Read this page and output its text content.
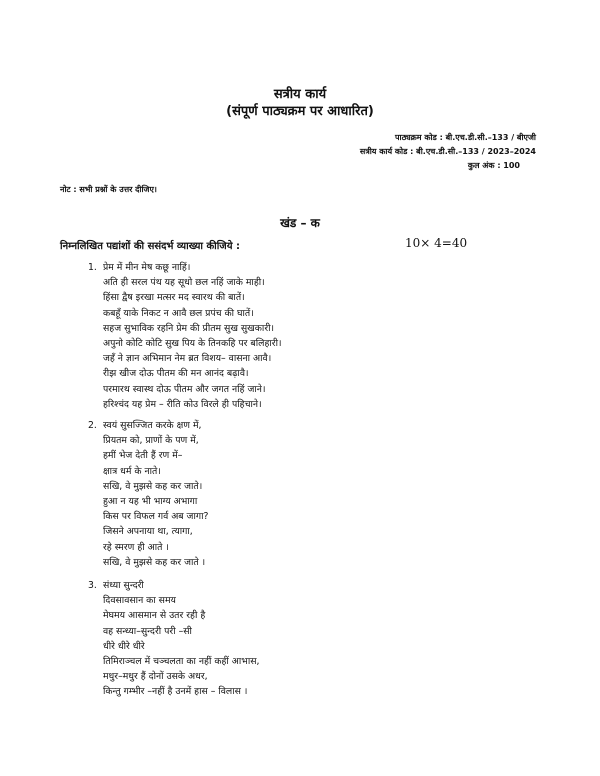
सत्रीय कार्य
(संपूर्ण पाठ्यक्रम पर आधारित)
पाठ्यक्रम कोड : बी.एच.डी.सी.–133 / बीएजी
सत्रीय कार्य कोड : बी.एच.डी.सी.–133 / 2023–2024
कुल अंक : 100
नोट : सभी प्रश्नों के उत्तर दीजिए।
खंड – क
निम्नलिखित पद्यांशों की ससंदर्भ व्याख्या कीजिये :	10× 4=40
1. प्रेम में मीन मेष कछू नाहिं।
अति ही सरल पंथ यह सूधो छल नहिं जाके माही।
हिंसा द्वैष इरखा मत्सर मद स्वारथ की बातें।
कबहूँ याके निकट न आवै छल प्रपंच की घातें।
सहज सुभाविक रहनि प्रेम की प्रीतम सुख सुखकारी।
अपुनो कोटि कोटि सुख पिय के तिनकहि पर बलिहारी।
जहँ ने ज्ञान अभिमान नेम ब्रत विशय– वासना आवै।
रीझ खीज दोऊ पीतम की मन आनंद बढ़ावै।
परमारथ स्वास्थ दोऊ पीतम और जगत नहिं जाने।
हरिश्चंद यह प्रेम – रीति कोउ विरले ही पहिचाने।
2. स्वयं सुसज्जित करके क्षण में,
प्रियतम को, प्राणों के पण में,
हमीं भेज देती हैं रण में–
क्षात्र धर्म के नाते।
सखि, वे मुझसे कह कर जाते।
हुआ न यह भी भाग्य अभागा
किस पर विफल गर्व अब जागा?
जिसने अपनाया था, त्यागा,
रहे स्मरण ही आते ।
सखि, वे मुझसे कह कर जाते ।
3. संध्या सुन्दरी
दिवसावसान का समय
मेघमय आसमान से उतर रही है
वह सन्ध्या–सुन्दरी परी –सी
धीरे धीरे धीरे
तिमिराञ्चल में चञ्चलता का नहीं कहीं आभास,
मधुर–मधुर हैं दोनों उसके अधर,
किन्तु गम्भीर –नहीं है उनमें हास – विलास ।
